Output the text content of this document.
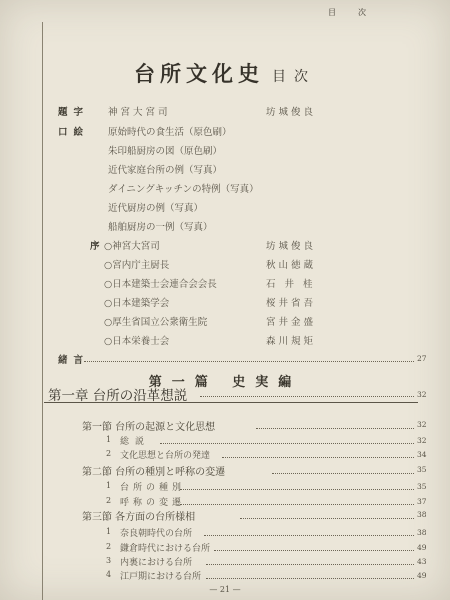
目次
台所文化史 目次
題字 神宮大宮司	坊城俊良
口絵 原始時代の食生活（原色刷）
朱印船厨房の図（原色刷）
近代家庭台所の例（写真）
ダイニングキッチンの特例（写真）
近代厨房の例（写真）
船舶厨房の一例（写真）
序 ○神宮大宮司	坊城俊良
○宮内庁主厨長	秋山徳蔵
○日本建築士会連合会会長	石井桂
○日本建築学会	桜井省吾
○厚生省国立公衆衛生院	宮井金盛
○日本栄養士会	森川規矩
緒言	27
第一篇 史実編
第一章 台所の沿革想説	32
第一節 台所の起源と文化思想	32
1 総説	32
2 文化思想と台所の発達	34
第二節 台所の種別と呼称の変遷	35
1 台所の種別	35
2 呼称の変遷	37
第三節 各方面の台所様相	38
1 奈良朝時代の台所	38
2 鎌倉時代における台所	49
3 内裏における台所	43
4 江戸期における台所	49
— 21 —
